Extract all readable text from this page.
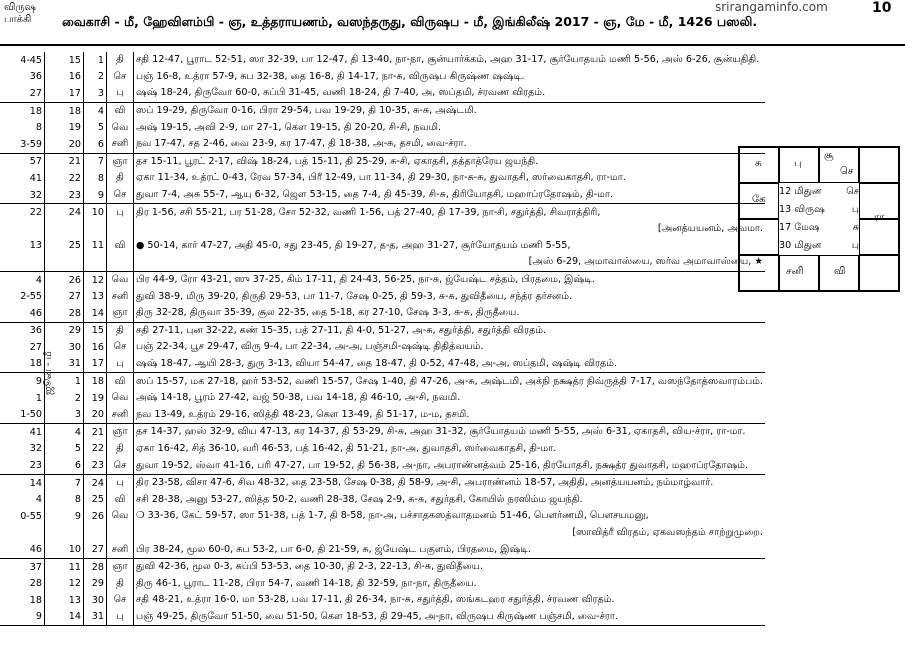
விருஷ
பாக்கி	வைகாசி - மீ, ஹேவிளம்பி - ஞ, உத்தராயணம், வஸந்தருது, விருஷப - மீ, இங்கிலீஷ் 2017 - ஞ, மே - மீ, 1426 பஸலி.
srirangaminfo.com	10
4-45	15	1	தி	சதி 12-47, பூராட 52-51, ஸா 32-39, பா 12-47, தி 13-40, நா-நா, சூன்யார்க்கம், அஹ 31-17, சூர்யோதயம் மணி 5-56, அஸ் 6-26, சூன்யதிதி.
36	16	2	செ	பஞ் 16-8, உத்ரா 57-9, சுப 32-38, தை 16-8, தி 14-17, நா-சு, விருஷப கிருஷ்ண ஷஷ்டி.
27	17	3	பு	ஷஷ் 18-24, திருவோ 60-0, சுப்பி 31-45, வணி 18-24, தி 7-40, அ, ஸப்தமி, ச்ரவண விரதம்.
18	18	4	வி	ஸப் 19-29, திருவோ 0-16, பிரா 29-54, பவ 19-29, தி 10-35, சு-சு, அஷ்டமி.
8	19	5	வெ	அஷ் 19-15, அவி 2-9, மா 27-1, கௌ 19-15, தி 20-20, சி-சி, நவமி.
3-59	20	6	சனி	நவ 17-47, சத 2-46, வை 23-9, கர 17-47, தி 18-38, அ-சு, தசமி, வை-ச்ரா.
57	21	7	ஞா	தச 15-11, பூரட் 2-17, விஷ் 18-24, பத் 15-11, தி 25-29, சு-சி, ஏகாதசி, தத்தாத்ரேய ஜயந்தி.
41	22	8	தி	ஏகா 11-34, உத்ரட் 0-43, ரேவ 57-34, பிரீ 12-49, பா 11-34, தி 29-30, நா-சு-சு, துவாதசி, ஸர்வைகாதசி, ரா-மா.
32	23	9	செ	துவா 7-4, அசு 55-7, ஆயு 6-32, ஜௌ 53-15, தை 7-4, தி 45-39, சி-சு, திரியோதசி, மஹாப்ரதோஷம், தி-மா.
22	24	10	பு	திர 1-56, சசி 55-21, பர 51-28, சோ 52-32, வணி 1-56, பத் 27-40, தி 17-39, நா-சி, சதுர்த்தி, சிவராத்திரி,
				[அனத்யயனம், அவமா.
13	25	11	வி	● 50-14, கார் 47-27, அதி 45-0, சது 23-45, தி 19-27, த-த, அஹ 31-27, சூர்யோதயம் மணி 5-55,
				[அஸ் 6-29, அமாவாஸ்யை, ஸர்வ அமாவாஸ்யை, ★
4	26	12	வெ	பிர 44-9, ரோ 43-21, ஸு 37-25, கிம் 17-11, தி 24-43, 56-25, நா-சு, ஜ்யேஷ்ட சத்தம், பிரதமை, இஷ்டி.
2-55	27	13	சனி	துவி 38-9, மிரு 39-20, திருதி 29-53, பா 11-7, சேஷ 0-25, தி 59-3, சு-சு, துவிதீயை, சந்த்ர தர்சனம்.
46	28	14	ஞா	திரு 32-28, திருவா 35-39, சூல 22-35, தை 5-18, கர 27-10, சேஷ 3-3, சு-சு, திருதீயை.
36	29	15	தி	சதி 27-11, புன 32-22, கண் 15-35, பத் 27-11, தி 4-0, 51-27, அ-சு, சதுர்த்தி, சதுர்த்தி விரதம்.
27	30	16	செ	பஞ் 22-34, பூச 29-47, விரு 9-4, பா 22-34, அ-அ, பஞ்சமி-ஷஷ்டி திதித்வயம்.
18	31	17	பு	ஷஷ் 18-47, ஆயி 28-3, துரு 3-13, வியா 54-47, தை 18-47, தி 0-52, 47-48, அ-அ, ஸப்தமி, ஷஷ்டி விரதம்.
9	1	18	வி	ஸப் 15-57, மக 27-18, ஹர் 53-52, வணி 15-57, சேஷ 1-40, தி 47-26, அ-சு, அஷ்டமி, அக்நி நக்ஷத்ர நிவ்ருத்தி 7-17, வஸந்தோத்ஸவாரம்பம்.
1	2	19	வெ	அஷ் 14-18, பூரம் 27-42, வஜ் 50-38, பவ 14-18, தி 46-10, அ-சி, நவமி.
1-50	3	20	சனி	நவ 13-49, உத்ரம் 29-16, ஸித்தி 48-23, கௌ 13-49, தி 51-17, ம-ம, தசமி.
41	4	21	ஞா	தச 14-37, ஹஸ் 32-9, விய 47-13, கர 14-37, தி 53-29, சி-சு, அஹ 31-32, சூர்யோதயம் மணி 5-55, அஸ் 6-31, ஏகாதசி, விய-ச்ரா, ரா-மா.
32	5	22	தி	ஏகா 16-42, சித் 36-10, வரி 46-53, பத் 16-42, தி 51-21, நா-அ, துவாதசி, ஸர்வைகாதசி, தி-மா.
23	6	23	செ	துவா 19-52, ஸ்வா 41-16, பரி 47-27, பா 19-52, தி 56-38, அ-நா, அபராண்னத்வம் 25-16, திரயோதசி, நக்ஷத்ர துவாதசி, மஹாப்ரதோஷம்.
14	7	24	பு	திர 23-58, விசா 47-6, சிவ 48-32, தை 23-58, சேஷ 0-38, தி 58-9, அ-சி, அபராண்னம் 18-57, அதிதி, அனத்யயனம், நம்மாழ்வார்.
4	8	25	வி	சசி 28-38, அனு 53-27, ஸித்த 50-2, வணி 28-38, சேஷ 2-9, சு-சு, சதுர்தசி, கோயில் நரஸிம்ம ஜயந்தி.
0-55	9	26	வெ	❍ 33-36, கேட் 59-57, ஸா 51-38, பத் 1-7, தி 8-58, நா-அ, பச்சாதகஸத்வாதமனம் 51-46, பௌர்ணமி, பௌசயமனு,
				[ஸாவித்ரீ விரதம், ஏகவஸந்தம் சாற்றுமுறை.
46	10	27	சனி	பிர 38-24, மூல 60-0, சுப 53-2, பா 6-0, தி 21-59, சு, ஜ்யேஷ்ட பகுளம், பிரதமை, இஷ்டி.
37	11	28	ஞா	துவி 42-36, மூல 0-3, சுப்பி 53-53, தை 10-30, தி 2-3, 22-13, சி-சு, துவிதீயை.
28	12	29	தி	திரு 46-1, பூராட 11-28, பிரா 54-7, வணி 14-18, தி 32-59, நா-நா, திருதீயை.
18	13	30	செ	சதி 48-21, உத்ரா 16-0, மா 53-28, பவ 17-11, தி 26-34, நா-சு, சதுர்த்தி, ஸங்கடஹர சதுர்த்தி, ச்ரவண விரதம்.
9	14	31	பு	பஞ் 49-25, திருவோ 51-50, வை 51-50, கௌ 18-53, தி 29-45, அ-நா, விருஷப கிருஷ்ண பஞ்சமி, வை-ச்ரா.
ஜூன் - மீ
சு	பு
சூ
செ
கே
ரா
சனி	வி
12 மிதுன	செ
13 விருஷ	பு
17 மேஷ	சு
30 மிதுன	பு
